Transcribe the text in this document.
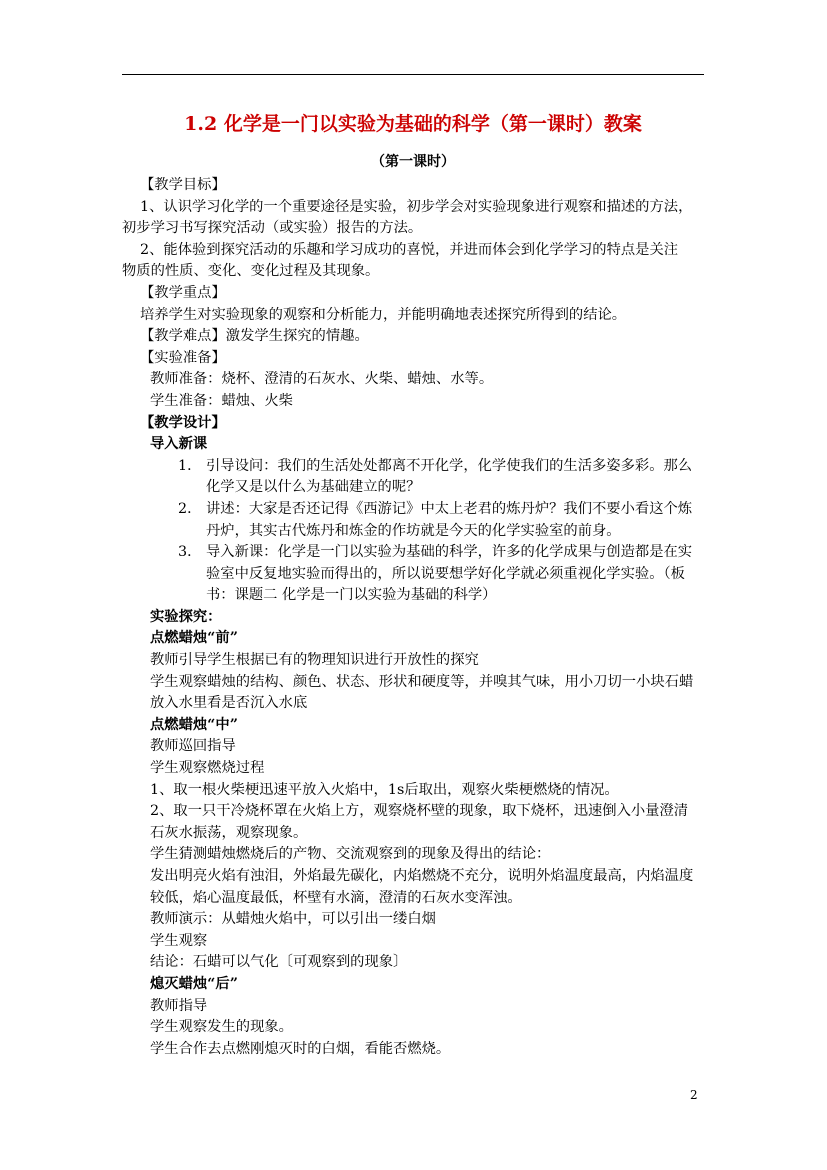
1.2 化学是一门以实验为基础的科学（第一课时）教案
（第一课时）
【教学目标】
1、认识学习化学的一个重要途径是实验，初步学会对实验现象进行观察和描述的方法，
初步学习书写探究活动（或实验）报告的方法。
2、能体验到探究活动的乐趣和学习成功的喜悦，并进而体会到化学学习的特点是关注
物质的性质、变化、变化过程及其现象。
【教学重点】
培养学生对实验现象的观察和分析能力，并能明确地表述探究所得到的结论。
【教学难点】激发学生探究的情趣。
【实验准备】
教师准备：烧杯、澄清的石灰水、火柴、蜡烛、水等。
学生准备：蜡烛、火柴
【教学设计】
导入新课
1． 引导设问：我们的生活处处都离不开化学，化学使我们的生活多姿多彩。那么化学又是以什么为基础建立的呢？
2． 讲述：大家是否还记得《西游记》中太上老君的炼丹炉？我们不要小看这个炼丹炉，其实古代炼丹和炼金的作坊就是今天的化学实验室的前身。
3． 导入新课：化学是一门以实验为基础的科学，许多的化学成果与创造都是在实验室中反复地实验而得出的，所以说要想学好化学就必须重视化学实验。（板书：课题二 化学是一门以实验为基础的科学）
实验探究：
点燃蜡烛“前”
教师引导学生根据已有的物理知识进行开放性的探究
学生观察蜡烛的结构、颜色、状态、形状和硬度等，并嗅其气味，用小刀切一小块石蜡
放入水里看是否沉入水底
点燃蜡烛“中”
教师巡回指导
学生观察燃烧过程
1、取一根火柴梗迅速平放入火焰中，1s后取出，观察火柴梗燃烧的情况。
2、取一只干冷烧杯罩在火焰上方，观察烧杯壁的现象，取下烧杯，迅速倒入小量澄清
石灰水振荡，观察现象。
学生猜测蜡烛燃烧后的产物、交流观察到的现象及得出的结论：
发出明亮火焰有浊泪，外焰最先碳化，内焰燃烧不充分，说明外焰温度最高，内焰温度
较低，焰心温度最低，杯壁有水滴，澄清的石灰水变浑浊。
教师演示：从蜡烛火焰中，可以引出一缕白烟
学生观察
结论：石蜡可以气化〔可观察到的现象〕
熄灭蜡烛“后”
教师指导
学生观察发生的现象。
学生合作去点燃刚熄灭时的白烟，看能否燃烧。
2
